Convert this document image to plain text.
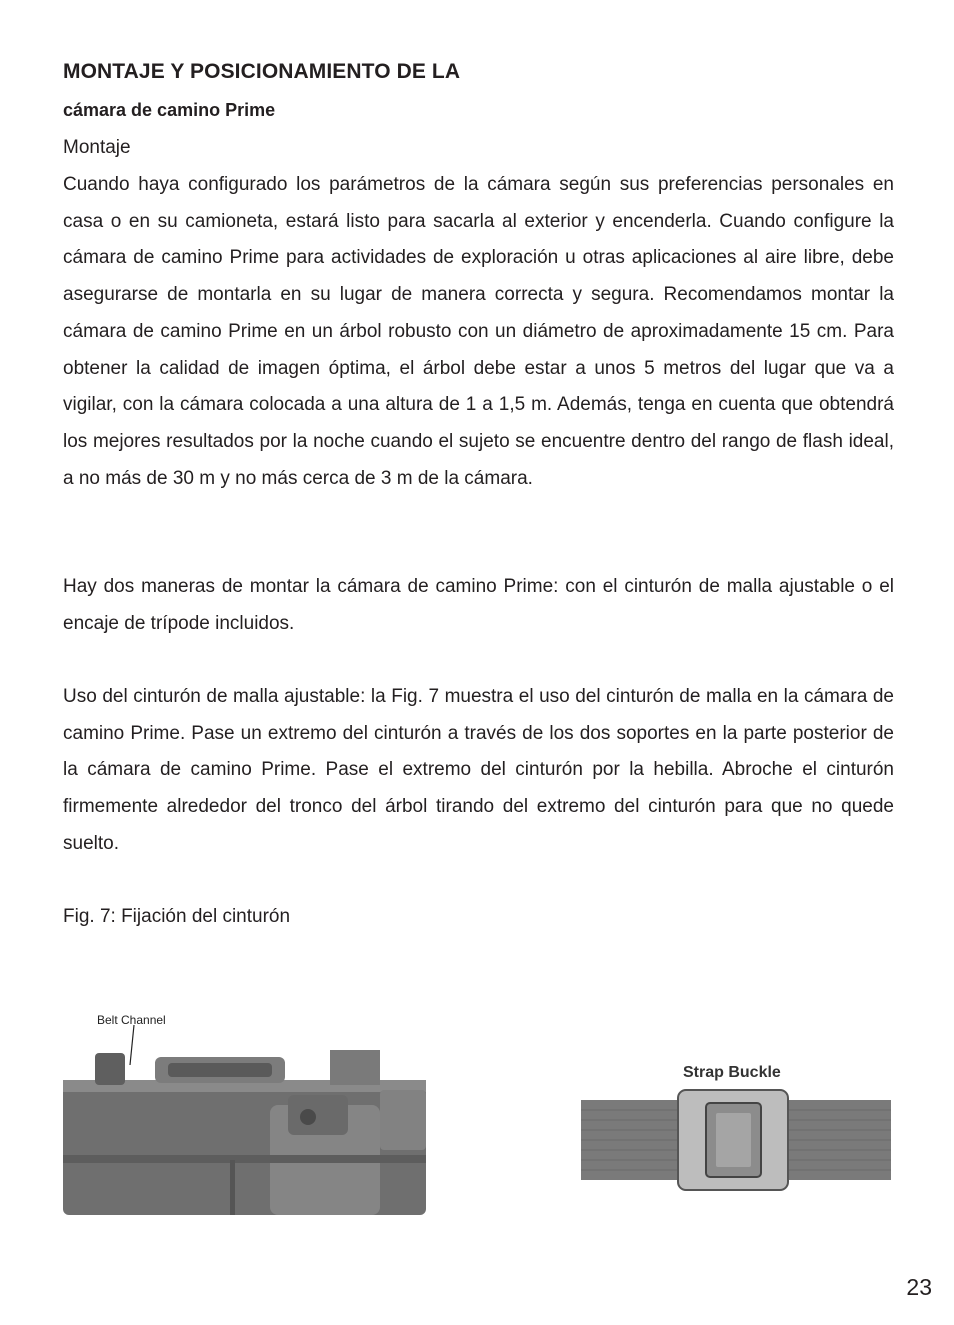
MONTAJE Y POSICIONAMIENTO DE LA
cámara de camino Prime
Montaje

Cuando haya configurado los parámetros de la cámara según sus preferencias personales en casa o en su camioneta, estará listo para sacarla al exterior y encenderla. Cuando configure la cámara de camino Prime para actividades de exploración u otras aplicaciones al aire libre, debe asegurarse de montarla en su lugar de manera correcta y segura. Recomendamos montar la cámara de camino Prime en un árbol robusto con un diámetro de aproximadamente 15 cm. Para obtener la calidad de imagen óptima, el árbol debe estar a unos 5 metros del lugar que va a vigilar, con la cámara colocada a una altura de 1 a 1,5 m. Además, tenga en cuenta que obtendrá los mejores resultados por la noche cuando el sujeto se encuentre dentro del rango de flash ideal, a no más de 30 m y no más cerca de 3 m de la cámara.

Hay dos maneras de montar la cámara de camino Prime: con el cinturón de malla ajustable o el encaje de trípode incluidos.

Uso del cinturón de malla ajustable: la Fig. 7 muestra el uso del cinturón de malla en la cámara de camino Prime. Pase un extremo del cinturón a través de los dos soportes en la parte posterior de la cámara de camino Prime. Pase el extremo del cinturón por la hebilla. Abroche el cinturón firmemente alrededor del tronco del árbol tirando del extremo del cinturón para que no quede suelto.

Fig. 7: Fijación del cinturón
Belt Channel
Strap Buckle
23
